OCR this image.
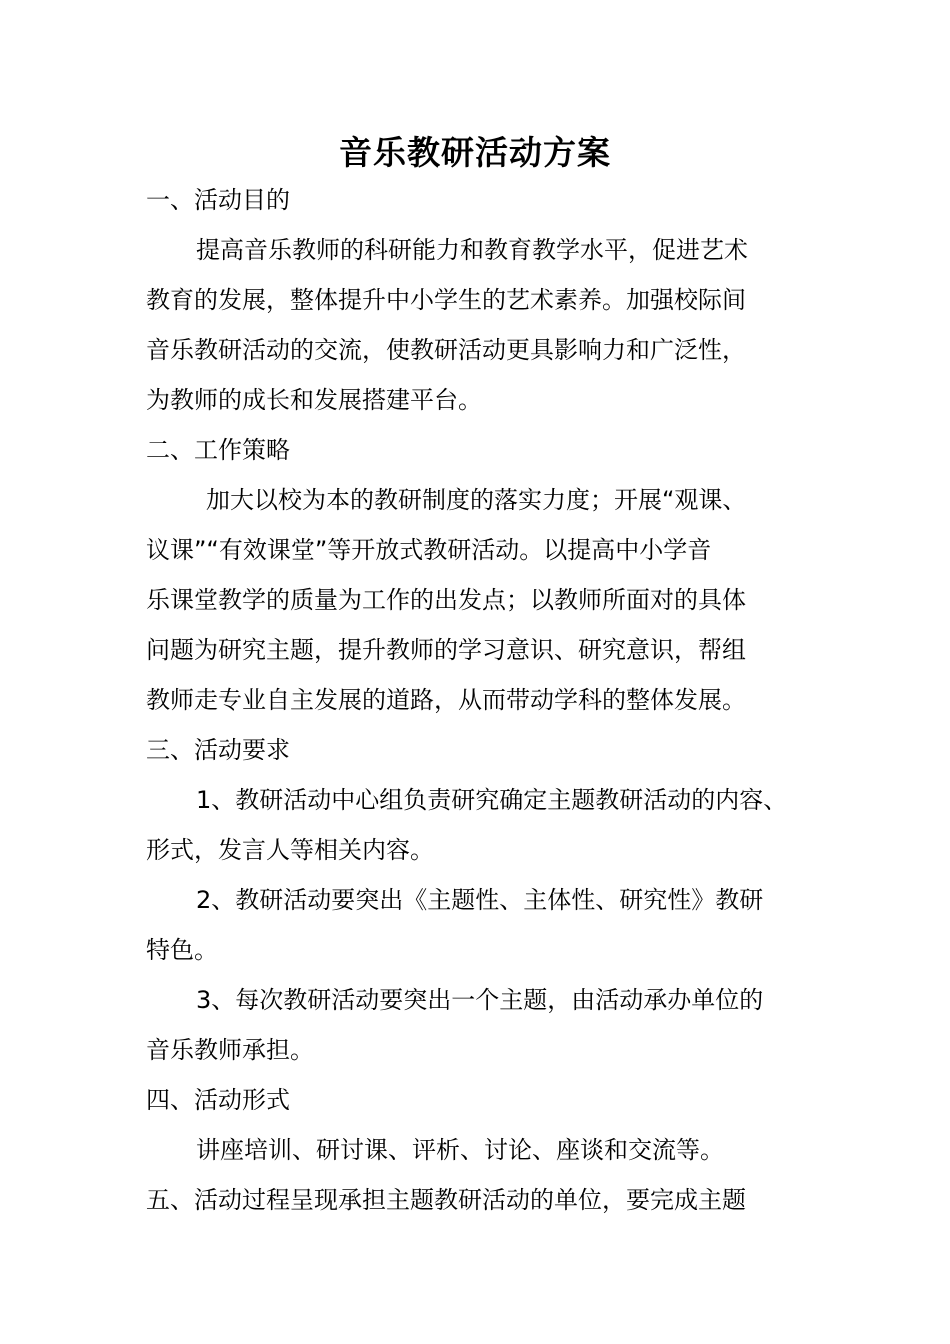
音乐教研活动方案
一、活动目的
提高音乐教师的科研能力和教育教学水平，促进艺术
教育的发展，整体提升中小学生的艺术素养。加强校际间
音乐教研活动的交流，使教研活动更具影响力和广泛性，
为教师的成长和发展搭建平台。
二、工作策略
加大以校为本的教研制度的落实力度；开展“观课、
议课”“有效课堂”等开放式教研活动。以提高中小学音
乐课堂教学的质量为工作的出发点；以教师所面对的具体
问题为研究主题，提升教师的学习意识、研究意识，帮组
教师走专业自主发展的道路，从而带动学科的整体发展。
三、活动要求
1、教研活动中心组负责研究确定主题教研活动的内容、
形式，发言人等相关内容。
2、教研活动要突出《主题性、主体性、研究性》教研
特色。
3、每次教研活动要突出一个主题，由活动承办单位的
音乐教师承担。
四、活动形式
讲座培训、研讨课、评析、讨论、座谈和交流等。
五、活动过程呈现承担主题教研活动的单位，要完成主题
